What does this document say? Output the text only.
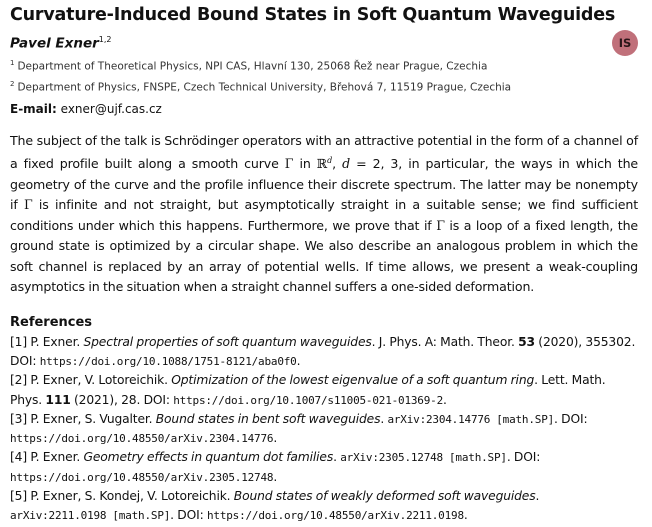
Curvature-Induced Bound States in Soft Quantum Waveguides
Pavel Exner$^{1,2}$	IS
$^1$ Department of Theoretical Physics, NPI CAS, Hlavní 130, 25068 Řež near Prague, Czechia
$^2$ Department of Physics, FNSPE, Czech Technical University, Břehová 7, 11519 Prague, Czechia
E-mail: exner@ujf.cas.cz
The subject of the talk is Schrödinger operators with an attractive potential in the form of a channel of a fixed profile built along a smooth curve Γ in ℝ$^d$, d = 2, 3, in particular, the ways in which the geometry of the curve and the profile influence their discrete spectrum. The latter may be nonempty if Γ is infinite and not straight, but asymptotically straight in a suitable sense; we find sufficient conditions under which this happens. Furthermore, we prove that if Γ is a loop of a fixed length, the ground state is optimized by a circular shape. We also describe an analogous problem in which the soft channel is replaced by an array of potential wells. If time allows, we present a weak-coupling asymptotics in the situation when a straight channel suffers a one-sided deformation.
References

[1] P. Exner. Spectral properties of soft quantum waveguides. J. Phys. A: Math. Theor. 53 (2020), 355302. DOI: https://doi.org/10.1088/1751-8121/aba0f0.

[2] P. Exner, V. Lotoreichik. Optimization of the lowest eigenvalue of a soft quantum ring. Lett. Math. Phys. 111 (2021), 28. DOI: https://doi.org/10.1007/s11005-021-01369-2.

[3] P. Exner, S. Vugalter. Bound states in bent soft waveguides. arXiv:2304.14776 [math.SP]. DOI: https://doi.org/10.48550/arXiv.2304.14776.

[4] P. Exner. Geometry effects in quantum dot families. arXiv:2305.12748 [math.SP]. DOI: https://doi.org/10.48550/arXiv.2305.12748.

[5] P. Exner, S. Kondej, V. Lotoreichik. Bound states of weakly deformed soft waveguides. arXiv:2211.0198 [math.SP]. DOI: https://doi.org/10.48550/arXiv.2211.0198.
